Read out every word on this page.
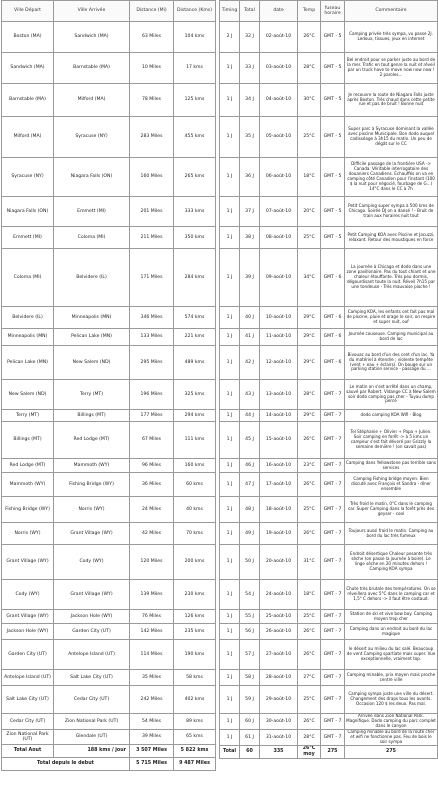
Ville Départ	Ville Arrivée	Distance (Mi)	Distance (Kms)
Boston (MA)	Sandwich (MA)	63 Miles	104 kms
Sandwich (MA)	Barnstable (MA)	10 Miles	17 kms
Barnstable (MA)	Milford (MA)	78 Miles	125 kms
Milford (MA)	Syracuse (NY)	283 Miles	455 kms
Syracuse (NY)	Niagara Falls (ON)	160 Miles	265 kms
Niagara Falls (ON)	Emmett (MI)	201 Miles	333 kms
Emmett (MI)	Coloma (MI)	211 Miles	350 kms
Coloma (MI)	Belvidere (IL)	171 Miles	284 kms
Belvidere (IL)	Minneapolis (MN)	346 Miles	574 kms
Minneapolis (MN)	Pelican Lake (MN)	133 Miles	221 kms
Pelican Lake (MN)	New Salem (ND)	295 Miles	489 kms
New Salem (ND)	Terry (MT)	196 Miles	325 kms
Terry (MT)	Billings (MT)	177 Miles	294 kms
Billings (MT)	Red Lodge (MT)	67 Miles	111 kms
Red Lodge (MT)	Mammoth (WY)	96 Miles	160 kms
Mammoth (WY)	Fishing Bridge (WY)	36 Miles	60 kms
Fishing Bridge (WY)	Norris (WY)	24 Miles	40 kms
Norris (WY)	Grant Village (WY)	42 Miles	70 kms
Grant Village (WY)	Cody (WY)	120 Miles	200 kms
Cody (WY)	Grant Village (WY)	139 Miles	230 kms
Grant Village (WY)	Jackson Hole (WY)	76 Miles	126 kms
Jackson Hole (WY)	Garden City (UT)	142 Miles	235 kms
Garden City (UT)	Antelope Island (UT)	114 Miles	190 kms
Antelope Island (UT)	Salt Lake City (UT)	35 Miles	58 kms
Salt Lake City (UT)	Cedar City (UT)	242 Miles	402 kms
Cedar City (UT)	Zion National Park (UT)	54 Miles	89 kms
Zion National Park (UT)	Glendale (UT)	39 Miles	65 kms
Total Aout	188 kms / jour	3 507 Miles	5 822 kms
Total depuis le debut		5 715 Miles	9 487 Miles
Timing	Total	date	Temp	fuseau horaire	Commentaire
2 J	32 J	02-août-10	26°C	GMT - 5	Camping privée très sympa, vu passe 2J. Ledoux, tissues, jeux en internet
1 J	33 J	03-août-10	28°C	GMT - 5	Bel endroit pour se parker juste au bord de la mer. Trafic en tout genre la nuit et réveil par un truck have to move now now now ! 2 paroles...
1 J	34 J	04-août-10	30°C	GMT - 5	Je recouvre la route de Niagara Falls juste après Boston. Très chaud dans cette petite rue et pas de bruit ! Bonne nuit
1 J	35 J	05-août-10	25°C	GMT - 5	Super parc à Syracuse dominant la vallée avec piscine Municipale. Bon dodo auquel cadisséage à 3h15 du matin. Un peu de dégât sur le CC
1 J	36 J	06-août-10	18°C	GMT - 5	Difficile passage de la frontière USA -> Canada. Véritable interrogatoire des douaniers Canadiens. Echauffés on va en camping côté Canadien pour l'instant (100 $ la nuit pour négocié, fourbage de G...) 14°C dans le CC à 7h
1 J	37 J	07-août-10	20°C	GMT - 5	Petit Camping super sympa à 500 kms de Chicago. Soirée DJ on a dansé ! - Bruit de train aux horaires nuit tout
1 J	38 J	08-août-10	25°C	GMT - 5	Petit Camping KOA avec Piscine et Jacuzzi, relaxant. Retour des moustiques en force
1 J	39 J	09-août-10	34°C	GMT - 6	La journée à Chicago et dodo dans une zone pavillonaire. Pas du tout chiant et une chaleur étouffante. Très peu dormis, dégourdisant toute la nuit. Réveil 7h15 par une tondeuse - Très mauvaise pioche !
1 J	40 J	10-août-10	29°C	GMT - 6	Camping KOA, les enfants ont fait pas mal de piscine, pluie et orage le soir, on respire et super nuit, ouf
1 J	41 J	11-août-10	29°C	GMT - 6	Journée couseuse. Camping municipal au bord de lac
1 J	42 J	12-août-10	29°C	GMT - 6	Bivouac au bord d'un des cent d'un lac. Ya du matériel à étendre ; violente tempête (vent + eau + éclairs). On bouge sur un parking station service - passage du ...
1 J	43 J	13-août-10	28°C	GMT - 7	Le matin on s'est arrêté dans un champ, sauvé par Robert. Vidange CC à New Salem soir dodo camping pas cher - Tuyau dump percé
1 J	44 J	14-août-10	29°C	GMT - 7	dodo camping KOA Wifi - Blog
1 J	45 J	15-août-10	26°C	GMT - 7	Tel Stéphanie + Olivier + Papa + Julien. Soir camping en forêt -> à 5 kms un campeur s'est fait dévoré par Grizzly la semaine dernière ! (on savait pas)
1 J	46 J	16-août-10	23°C	GMT - 7	Camping dans Yellowstone pas terrible sans services
1 J	47 J	17-août-10	26°C	GMT - 7	Camping Fishing bridge moyen. Bien discuté avec François et Sandra - dîner ensemble
1 J	48 J	18-août-10	25°C	GMT - 7	Très froid le matin, 0°C dans le camping car. Super Camping dans la forêt près des geyser - cool
1 J	49 J	19-août-10	26°C	GMT - 7	Toujours aussi froid le matin. Camping au bord du lac très fumeux
1 J	50 J	20-août-10	31°C	GMT - 7	Endroit désertique Chaleur pesante très sèche (on passe la journée à boire). Le linge sèche en 20 minutes dehors ! Camping KOA sympa
1 J	54 J	24-août-10	18°C	GMT - 7	Chute très brutale des températures. On se réveillera avec 5°C dans le camping car et 1,5° C dehors -> il faut être costaud.
1 J	55 J	25-août-10	25°C	GMT - 7	Station de ski et vive bow boy. Camping moyen trop cher
1 J	56 J	26-août-10	26°C	GMT - 7	Camping dans un endroit au bord du lac magique
1 J	57 J	27-août-10	26°C	GMT - 7	le désert au milieu du lac salé. Beaucoup de vent Camping spartiate mais super. Vue exceptionnelle, vraiment top.
1 J	58 J	28-août-10	27°C	GMT - 7	Camping minable, prix moyen mais proche centre ville
1 J	59 J	29-août-10	25°C	GMT - 7	Camping sympa juste une ville du désert. Changement des draps tous les avants. Occasion 120 $ les deux. Pas mal.
1 J	60 J	30-août-10	26°C	GMT - 7	Arrivée dans Zion National Park. Magnifique. Dodo camping du parc complet dans le canyon
1 J	61 J	31-août-10	28°C	GMT - 7	Camping minable au bord de la route cher et wifi ne fonctionne pas. Feu de bois le soir sympa
Total	60	335	26°C moy	275	275
